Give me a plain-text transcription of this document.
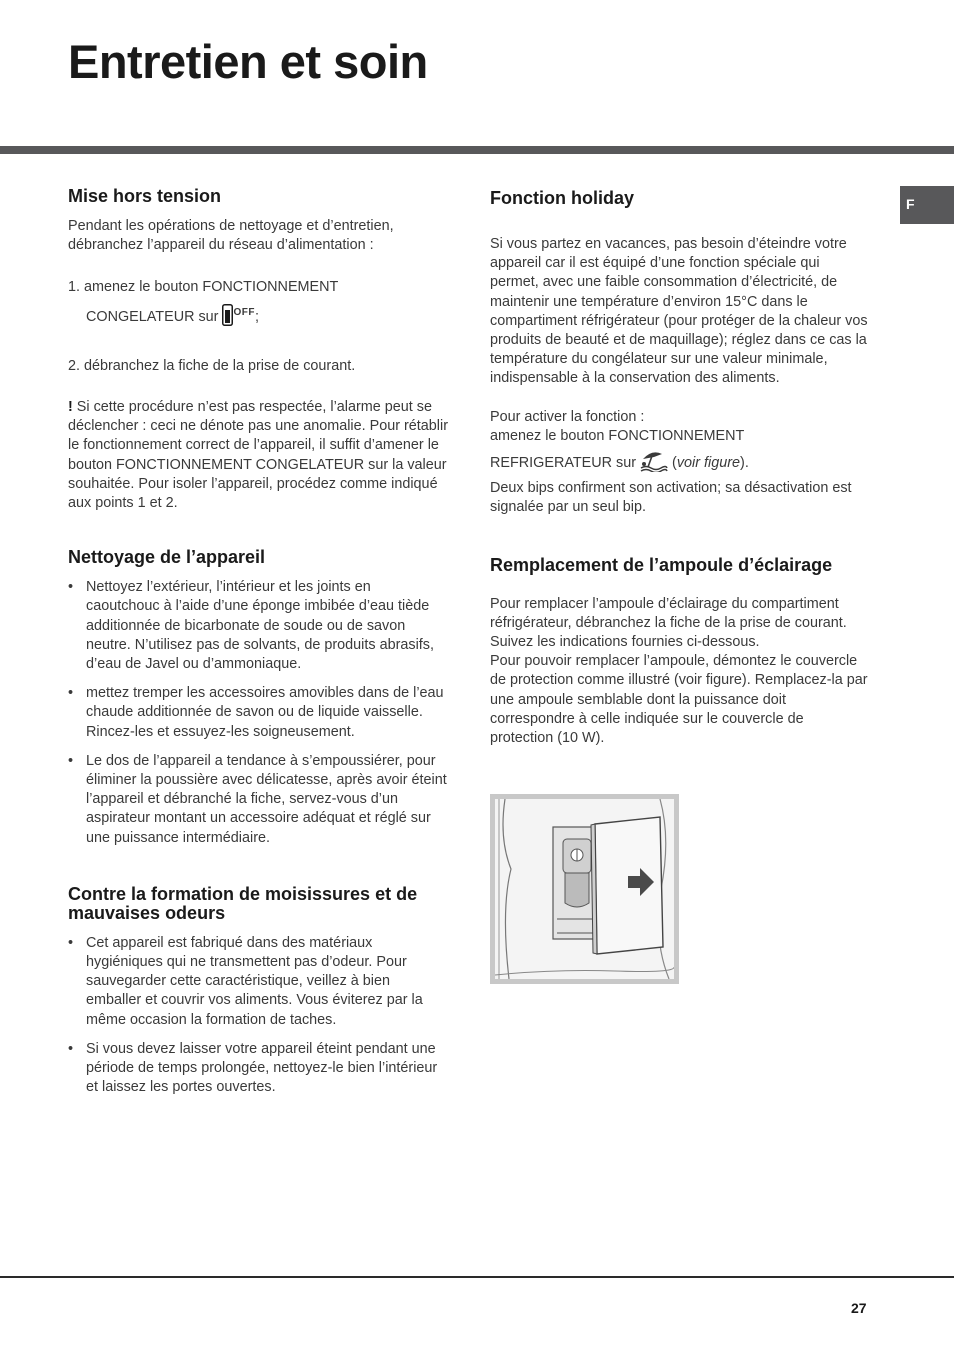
Entretien et soin
F
Mise hors tension

Pendant les opérations de nettoyage et d’entretien, débranchez l’appareil du réseau d’alimentation :

1. amenez le bouton FONCTIONNEMENT

CONGELATEUR sur $^{OFF}$;

2. débranchez la fiche de la prise de courant.

! Si cette procédure n’est pas respectée, l’alarme peut se déclencher : ceci ne dénote pas une anomalie. Pour rétablir le fonctionnement correct de l’appareil, il suffit d’amener le bouton FONCTIONNEMENT CONGELATEUR sur la valeur souhaitée. Pour isoler l’appareil, procédez comme indiqué aux points 1 et 2.

Nettoyage de l’appareil
• Nettoyez l’extérieur, l’intérieur et les joints en caoutchouc à l’aide d’une éponge imbibée d’eau tiède additionnée de bicarbonate de soude ou de savon neutre. N’utilisez pas de solvants, de produits abrasifs, d’eau de Javel ou d’ammoniaque.
• mettez tremper les accessoires amovibles dans de l’eau chaude additionnée de savon ou de liquide vaisselle. Rincez-les et essuyez-les soigneusement.
• Le dos de l’appareil a tendance à s’empoussiérer, pour éliminer la poussière avec délicatesse, après avoir éteint l’appareil et débranché la fiche, servez-vous d’un aspirateur montant un accessoire adéquat et réglé sur une puissance intermédiaire.
Contre la formation de moisissures et de mauvaises odeurs
• Cet appareil est fabriqué dans des matériaux hygiéniques qui ne transmettent pas d’odeur. Pour sauvegarder cette caractéristique, veillez à bien emballer et couvrir vos aliments. Vous éviterez par la même occasion la formation de taches.
• Si vous devez laisser votre appareil éteint pendant une période de temps prolongée, nettoyez-le bien l’intérieur et laissez les portes ouvertes.
Fonction holiday

Si vous partez en vacances, pas besoin d’éteindre votre appareil car il est équipé d’une fonction spéciale qui permet, avec une faible consommation d’électricité, de maintenir une température d’environ 15°C dans le compartiment réfrigérateur (pour protéger de la chaleur vos produits de beauté et de maquillage); réglez dans ce cas la température du congélateur sur une valeur minimale, indispensable à la conservation des aliments.

Pour activer la fonction :

amenez le bouton FONCTIONNEMENT

REFRIGERATEUR sur  (voir figure).

Deux bips confirment son activation; sa désactivation est signalée par un seul bip.

Remplacement de l’ampoule d’éclairage

Pour remplacer l’ampoule d’éclairage du compartiment réfrigérateur, débranchez la fiche de la prise de courant. Suivez les indications fournies ci-dessous.

Pour pouvoir remplacer l’ampoule, démontez le couvercle de protection comme illustré (voir figure). Remplacez-la par une ampoule semblable dont la puissance doit correspondre à celle indiquée sur le couvercle de protection (10 W).

27
